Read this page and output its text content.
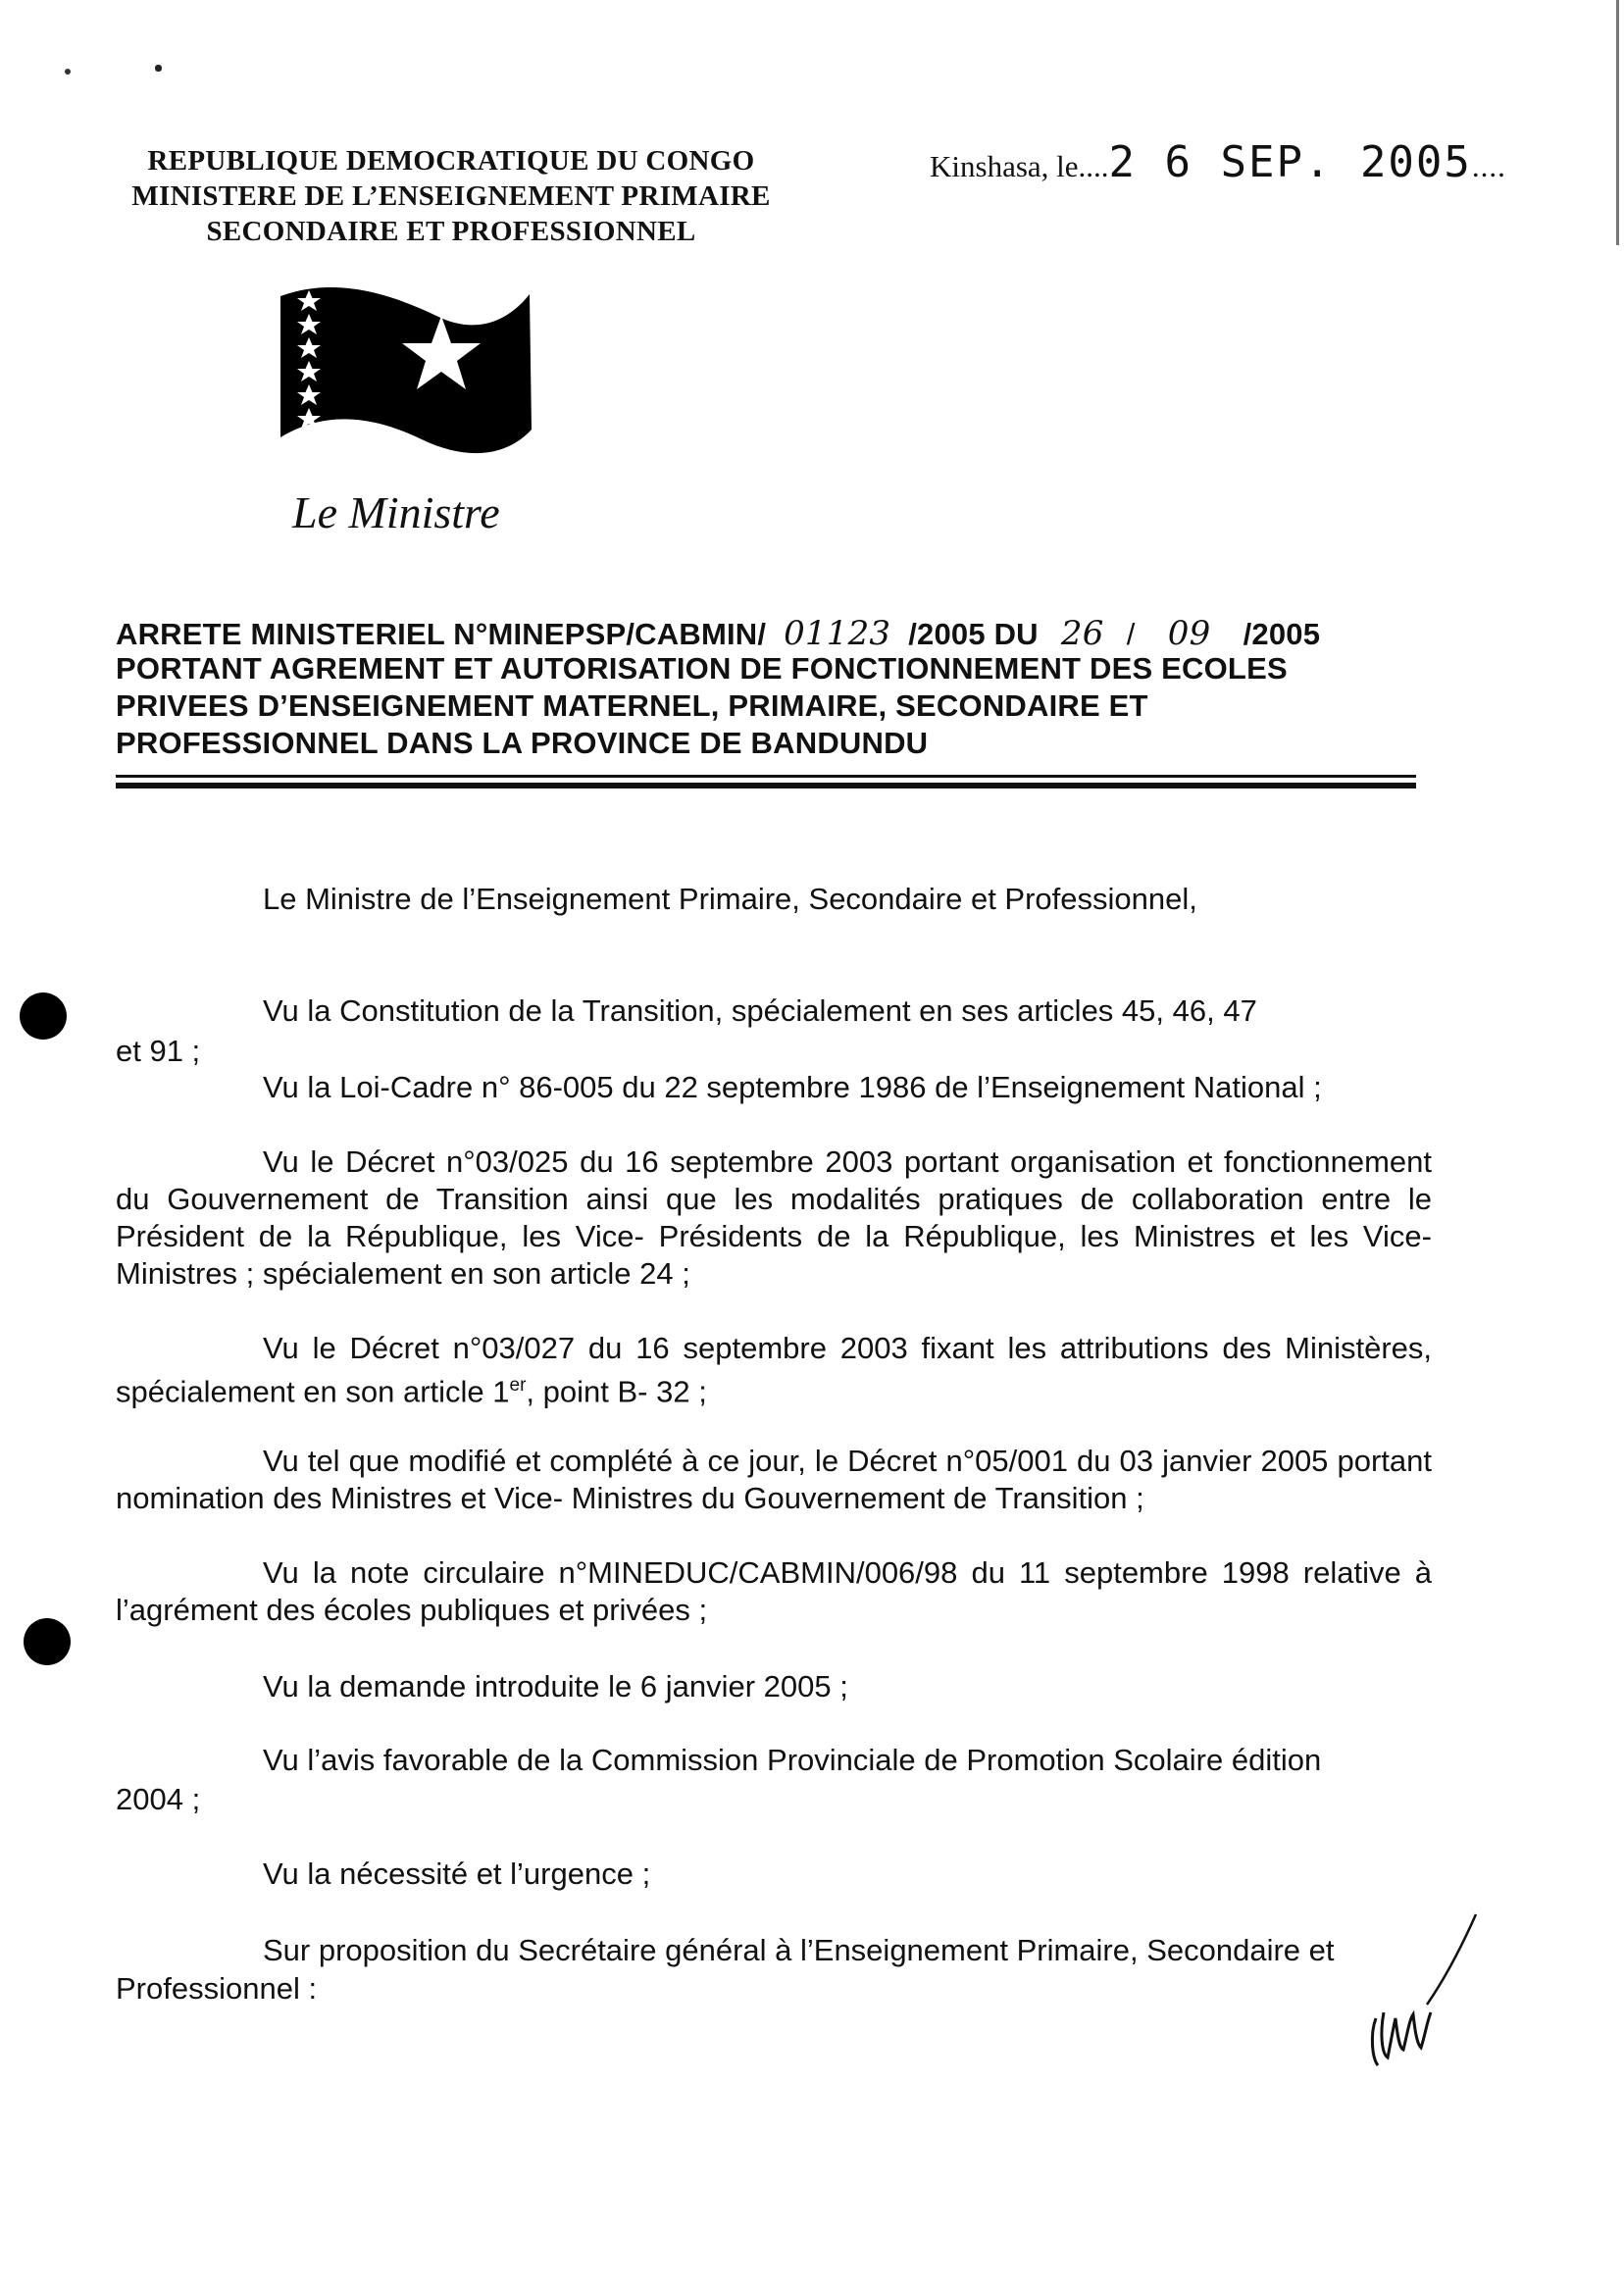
REPUBLIQUE DEMOCRATIQUE DU CONGO
MINISTERE DE L’ENSEIGNEMENT PRIMAIRE
SECONDAIRE ET PROFESSIONNEL
Kinshasa, le....2 6 SEP. 2005....
Le Ministre
ARRETE MINISTERIEL N°MINEPSP/CABMIN/ 01123 /2005 DU 26 / 09 /2005
PORTANT AGREMENT ET AUTORISATION DE FONCTIONNEMENT DES ECOLES
PRIVEES D’ENSEIGNEMENT MATERNEL, PRIMAIRE, SECONDAIRE ET
PROFESSIONNEL DANS LA PROVINCE DE BANDUNDU
Le Ministre de l’Enseignement Primaire, Secondaire et Professionnel,
Vu la Constitution de la Transition, spécialement en ses articles 45, 46, 47
et 91 ;
Vu la Loi-Cadre n° 86-005 du 22 septembre 1986 de l’Enseignement National ;
Vu le Décret n°03/025 du 16 septembre 2003 portant organisation et fonctionnement du Gouvernement de Transition ainsi que les modalités pratiques de collaboration entre le Président de la République, les Vice- Présidents de la République, les Ministres et les Vice- Ministres ; spécialement en son article 24 ;
Vu le Décret n°03/027 du 16 septembre 2003 fixant les attributions des Ministères, spécialement en son article 1er, point B- 32 ;
Vu tel que modifié et complété à ce jour, le Décret n°05/001 du 03 janvier 2005 portant nomination des Ministres et Vice- Ministres du Gouvernement de Transition ;
Vu la note circulaire n°MINEDUC/CABMIN/006/98 du 11 septembre 1998 relative à l’agrément des écoles publiques et privées ;
Vu la demande introduite le 6 janvier 2005 ;
Vu l’avis favorable de la Commission Provinciale de Promotion Scolaire édition
2004 ;
Vu la nécessité et l’urgence ;
Sur proposition du Secrétaire général à l’Enseignement Primaire, Secondaire et
Professionnel :
